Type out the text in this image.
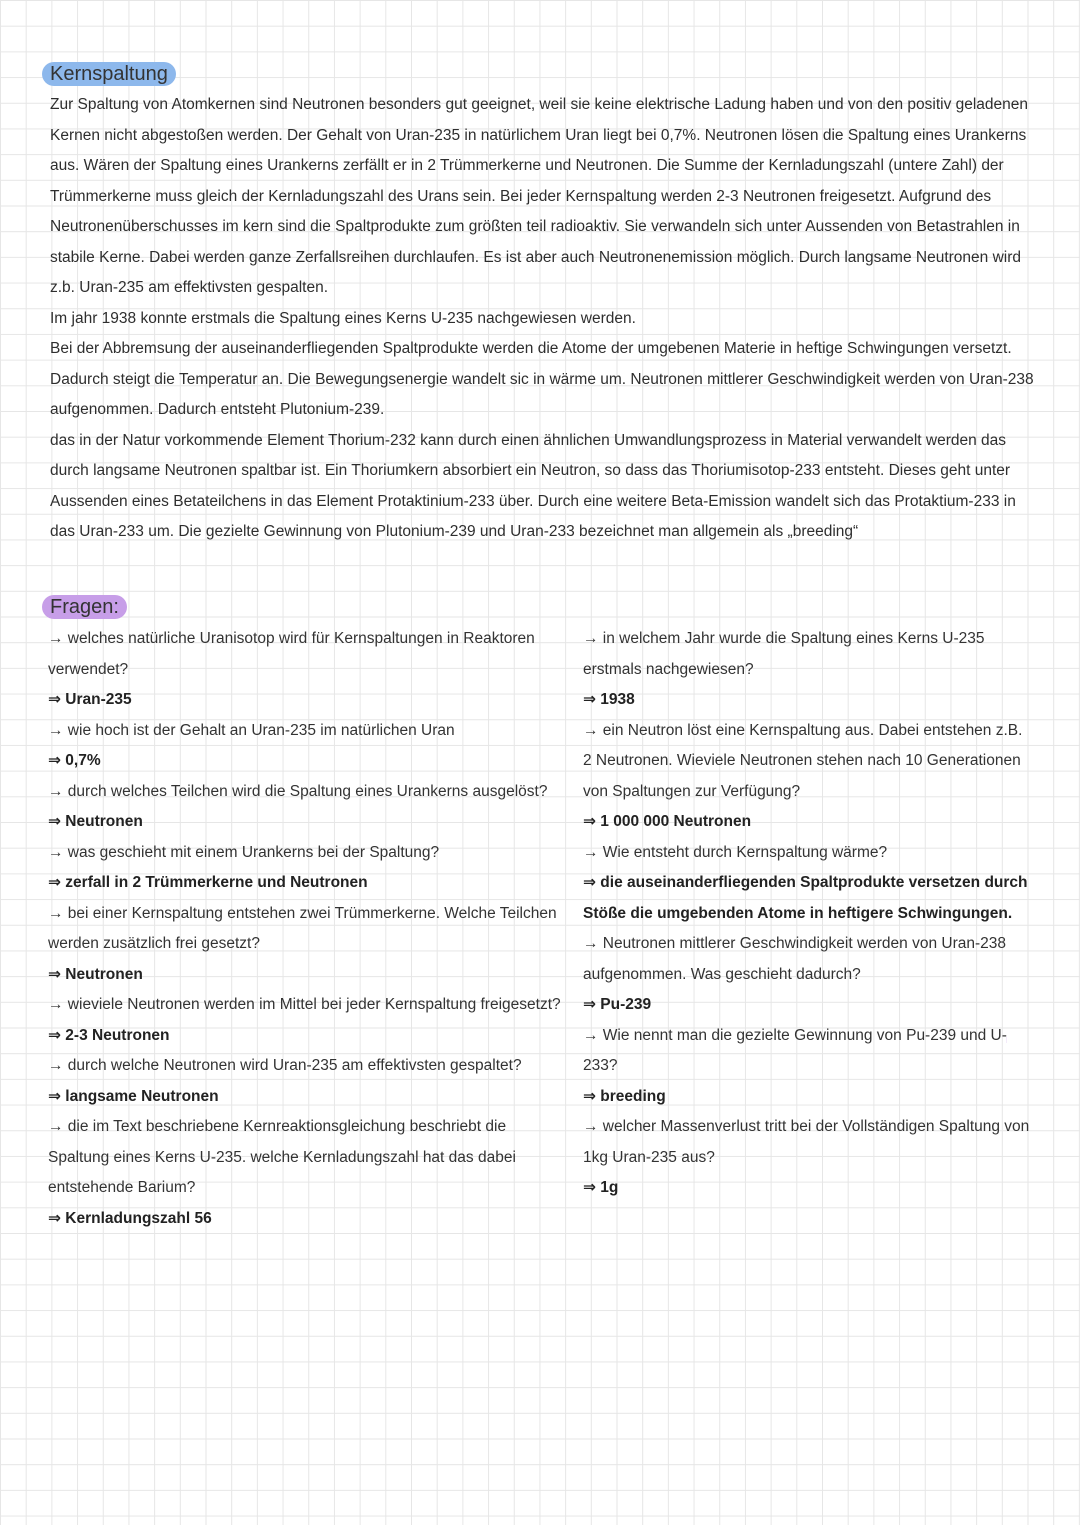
Kernspaltung

Zur Spaltung von Atomkernen sind Neutronen besonders gut geeignet, weil sie keine elektrische Ladung haben und von den positiv geladenen Kernen nicht abgestoßen werden. Der Gehalt von Uran-235 in natürlichem Uran liegt bei 0,7%. Neutronen lösen die Spaltung eines Urankerns aus. Wären der Spaltung eines Urankerns zerfällt er in 2 Trümmerkerne und Neutronen. Die Summe der Kernladungszahl (untere Zahl) der Trümmerkerne muss gleich der Kernladungszahl des Urans sein. Bei jeder Kernspaltung werden 2-3 Neutronen freigesetzt. Aufgrund des Neutronenüberschusses im kern sind die Spaltprodukte zum größten teil radioaktiv. Sie verwandeln sich unter Aussenden von Betastrahlen in stabile Kerne. Dabei werden ganze Zerfallsreihen durchlaufen. Es ist aber auch Neutronenemission möglich. Durch langsame Neutronen wird z.b. Uran-235 am effektivsten gespalten.

Im jahr 1938 konnte erstmals die Spaltung eines Kerns U-235 nachgewiesen werden.

Bei der Abbremsung der auseinanderfliegenden Spaltprodukte werden die Atome der umgebenen Materie in heftige Schwingungen versetzt. Dadurch steigt die Temperatur an. Die Bewegungsenergie wandelt sic in wärme um. Neutronen mittlerer Geschwindigkeit werden von Uran-238 aufgenommen. Dadurch entsteht Plutonium-239.

das in der Natur vorkommende Element Thorium-232 kann durch einen ähnlichen Umwandlungsprozess in Material verwandelt werden das durch langsame Neutronen spaltbar ist. Ein Thoriumkern absorbiert ein Neutron, so dass das Thoriumisotop-233 entsteht. Dieses geht unter Aussenden eines Betateilchens in das Element Protaktinium-233 über. Durch eine weitere Beta-Emission wandelt sich das Protaktium-233 in das Uran-233 um. Die gezielte Gewinnung von Plutonium-239 und Uran-233 bezeichnet man allgemein als „breeding“

Fragen:

→ welches natürliche Uranisotop wird für Kernspaltungen in Reaktoren verwendet?

⇒ Uran-235

→ wie hoch ist der Gehalt an Uran-235 im natürlichen Uran

⇒ 0,7%

→ durch welches Teilchen wird die Spaltung eines Urankerns ausgelöst?

⇒ Neutronen

→ was geschieht mit einem Urankerns bei der Spaltung?

⇒ zerfall in 2 Trümmerkerne und Neutronen

→ bei einer Kernspaltung entstehen zwei Trümmerkerne. Welche Teilchen werden zusätzlich frei gesetzt?

⇒ Neutronen

→ wieviele Neutronen werden im Mittel bei jeder Kernspaltung freigesetzt?

⇒ 2-3 Neutronen

→ durch welche Neutronen wird Uran-235 am effektivsten gespaltet?

⇒ langsame Neutronen

→ die im Text beschriebene Kernreaktionsgleichung beschriebt die Spaltung eines Kerns U-235. welche Kernladungszahl hat das dabei entstehende Barium?

⇒ Kernladungszahl 56

→ in welchem Jahr wurde die Spaltung eines Kerns U-235 erstmals nachgewiesen?

⇒ 1938

→ ein Neutron löst eine Kernspaltung aus. Dabei entstehen z.B. 2 Neutronen. Wieviele Neutronen stehen nach 10 Generationen von Spaltungen zur Verfügung?

⇒ 1 000 000 Neutronen

→ Wie entsteht durch Kernspaltung wärme?

⇒ die auseinanderfliegenden Spaltprodukte versetzen durch Stöße die umgebenden Atome in heftigere Schwingungen.

→ Neutronen mittlerer Geschwindigkeit werden von Uran-238 aufgenommen. Was geschieht dadurch?

⇒ Pu-239

→ Wie nennt man die gezielte Gewinnung von Pu-239 und U-233?

⇒ breeding

→ welcher Massenverlust tritt bei der Vollständigen Spaltung von 1kg Uran-235 aus?

⇒ 1g
